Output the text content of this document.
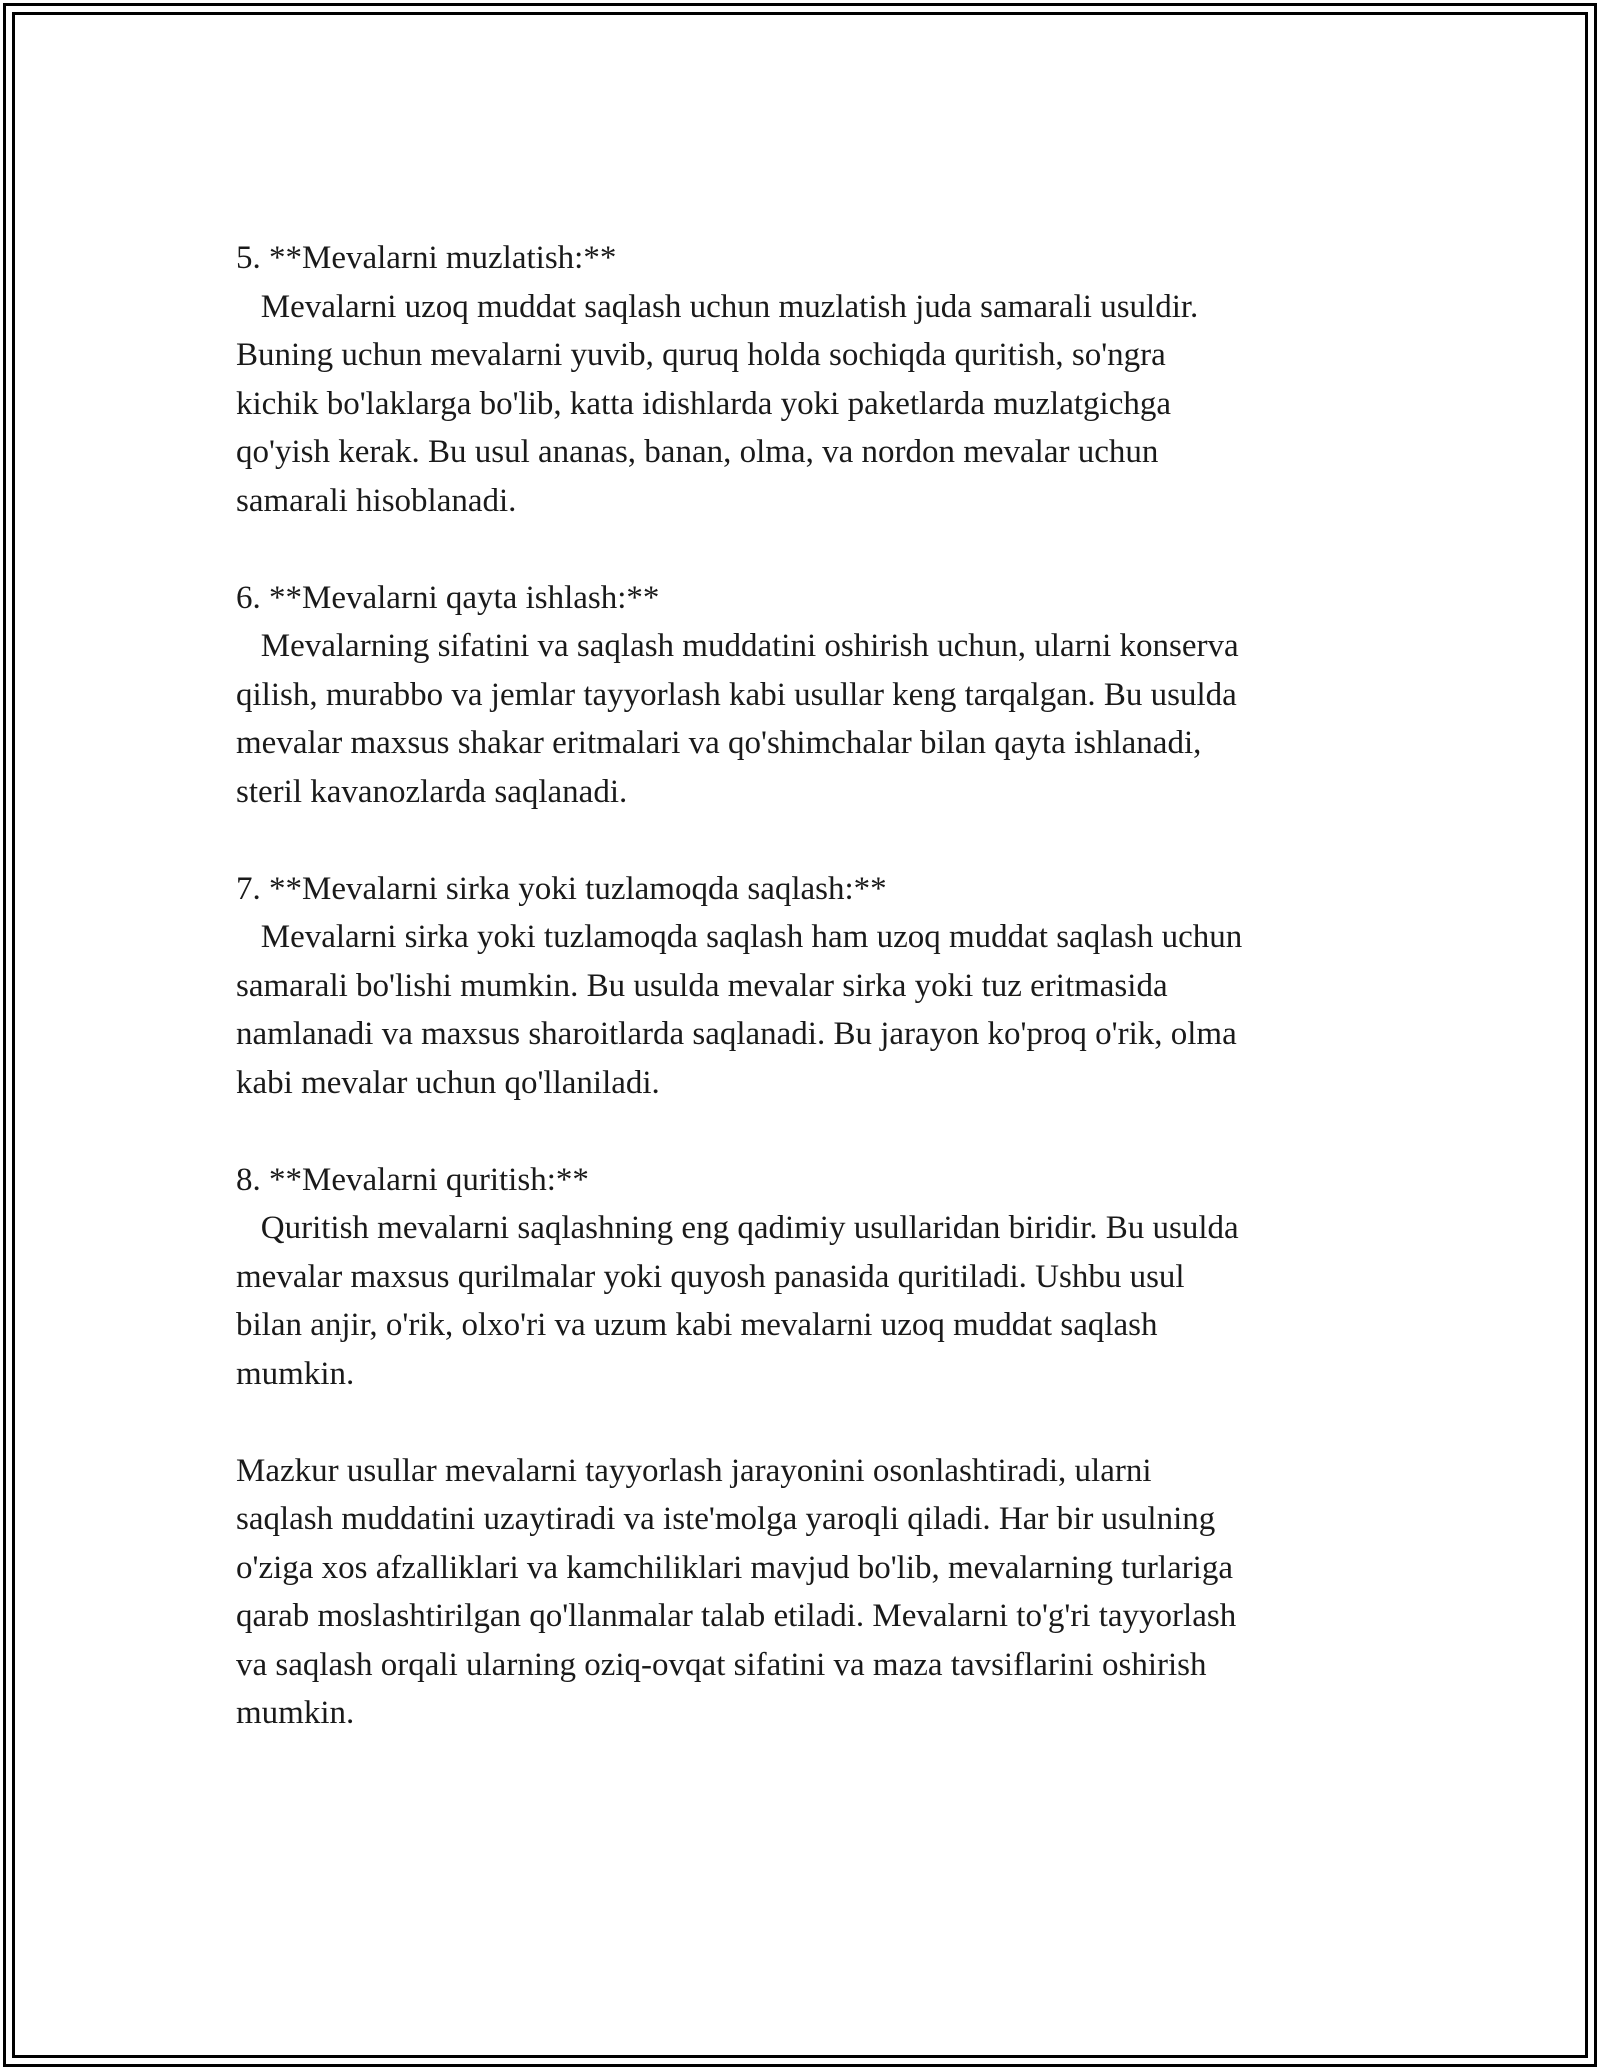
5. **Mevalarni muzlatish:**
Mevalarni uzoq muddat saqlash uchun muzlatish juda samarali usuldir.
Buning uchun mevalarni yuvib, quruq holda sochiqda quritish, so'ngra
kichik bo'laklarga bo'lib, katta idishlarda yoki paketlarda muzlatgichga
qo'yish kerak. Bu usul ananas, banan, olma, va nordon mevalar uchun
samarali hisoblanadi.
6. **Mevalarni qayta ishlash:**
Mevalarning sifatini va saqlash muddatini oshirish uchun, ularni konserva
qilish, murabbo va jemlar tayyorlash kabi usullar keng tarqalgan. Bu usulda
mevalar maxsus shakar eritmalari va qo'shimchalar bilan qayta ishlanadi,
steril kavanozlarda saqlanadi.
7. **Mevalarni sirka yoki tuzlamoqda saqlash:**
Mevalarni sirka yoki tuzlamoqda saqlash ham uzoq muddat saqlash uchun
samarali bo'lishi mumkin. Bu usulda mevalar sirka yoki tuz eritmasida
namlanadi va maxsus sharoitlarda saqlanadi. Bu jarayon ko'proq o'rik, olma
kabi mevalar uchun qo'llaniladi.
8. **Mevalarni quritish:**
Quritish mevalarni saqlashning eng qadimiy usullaridan biridir. Bu usulda
mevalar maxsus qurilmalar yoki quyosh panasida quritiladi. Ushbu usul
bilan anjir, o'rik, olxo'ri va uzum kabi mevalarni uzoq muddat saqlash
mumkin.
Mazkur usullar mevalarni tayyorlash jarayonini osonlashtiradi, ularni
saqlash muddatini uzaytiradi va iste'molga yaroqli qiladi. Har bir usulning
o'ziga xos afzalliklari va kamchiliklari mavjud bo'lib, mevalarning turlariga
qarab moslashtirilgan qo'llanmalar talab etiladi. Mevalarni to'g'ri tayyorlash
va saqlash orqali ularning oziq-ovqat sifatini va maza tavsiflarini oshirish
mumkin.
